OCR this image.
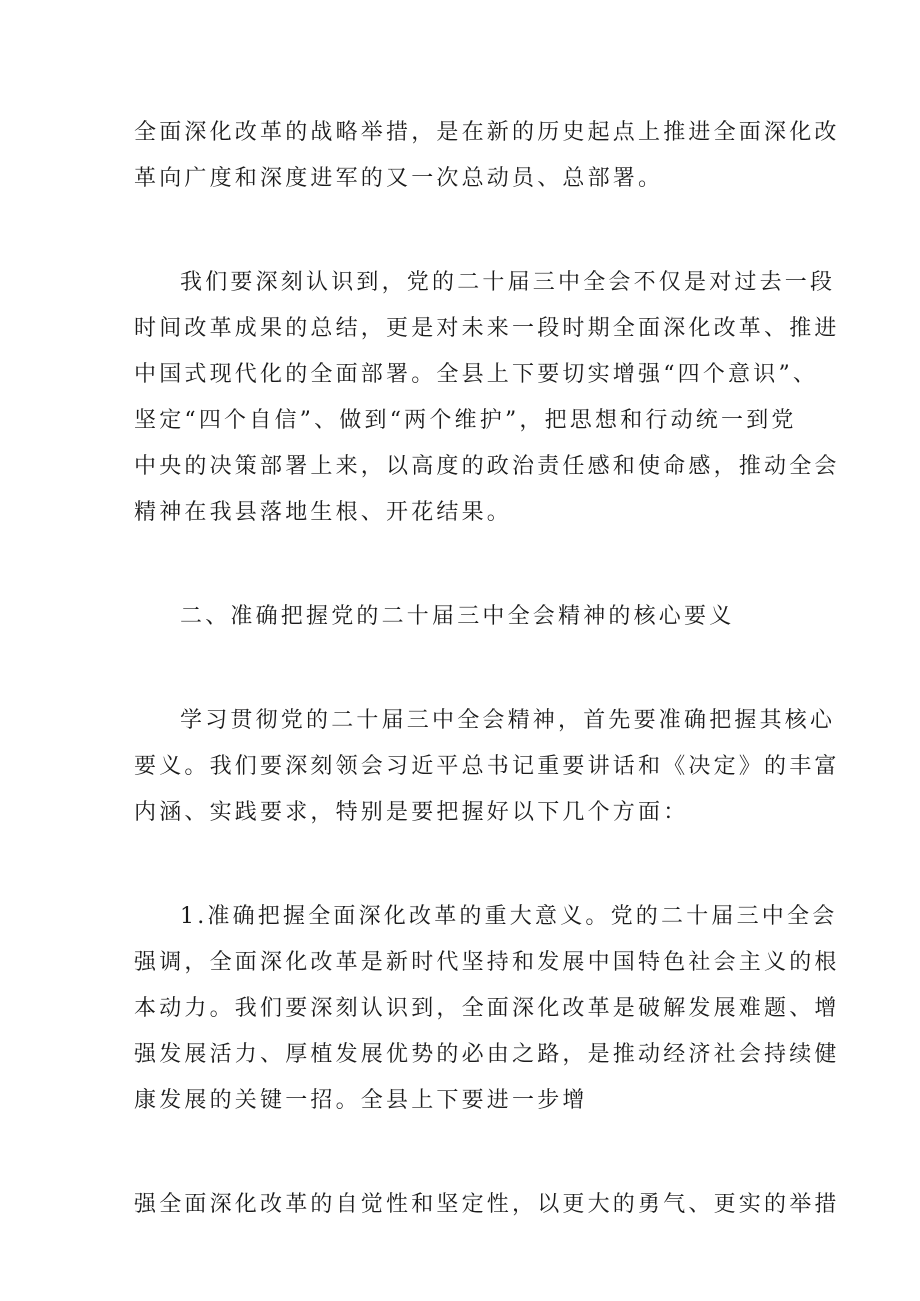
全面深化改革的战略举措，是在新的历史起点上推进全面深化改
革向广度和深度进军的又一次总动员、总部署。
我们要深刻认识到，党的二十届三中全会不仅是对过去一段
时间改革成果的总结，更是对未来一段时期全面深化改革、推进
中国式现代化的全面部署。全县上下要切实增强“四个意识”、
坚定“四个自信”、做到“两个维护”，把思想和行动统一到党
中央的决策部署上来，以高度的政治责任感和使命感，推动全会
精神在我县落地生根、开花结果。
二、准确把握党的二十届三中全会精神的核心要义
学习贯彻党的二十届三中全会精神，首先要准确把握其核心
要义。我们要深刻领会习近平总书记重要讲话和《决定》的丰富
内涵、实践要求，特别是要把握好以下几个方面：
1.准确把握全面深化改革的重大意义。党的二十届三中全会
强调，全面深化改革是新时代坚持和发展中国特色社会主义的根
本动力。我们要深刻认识到，全面深化改革是破解发展难题、增
强发展活力、厚植发展优势的必由之路，是推动经济社会持续健
康发展的关键一招。全县上下要进一步增
强全面深化改革的自觉性和坚定性，以更大的勇气、更实的举措
